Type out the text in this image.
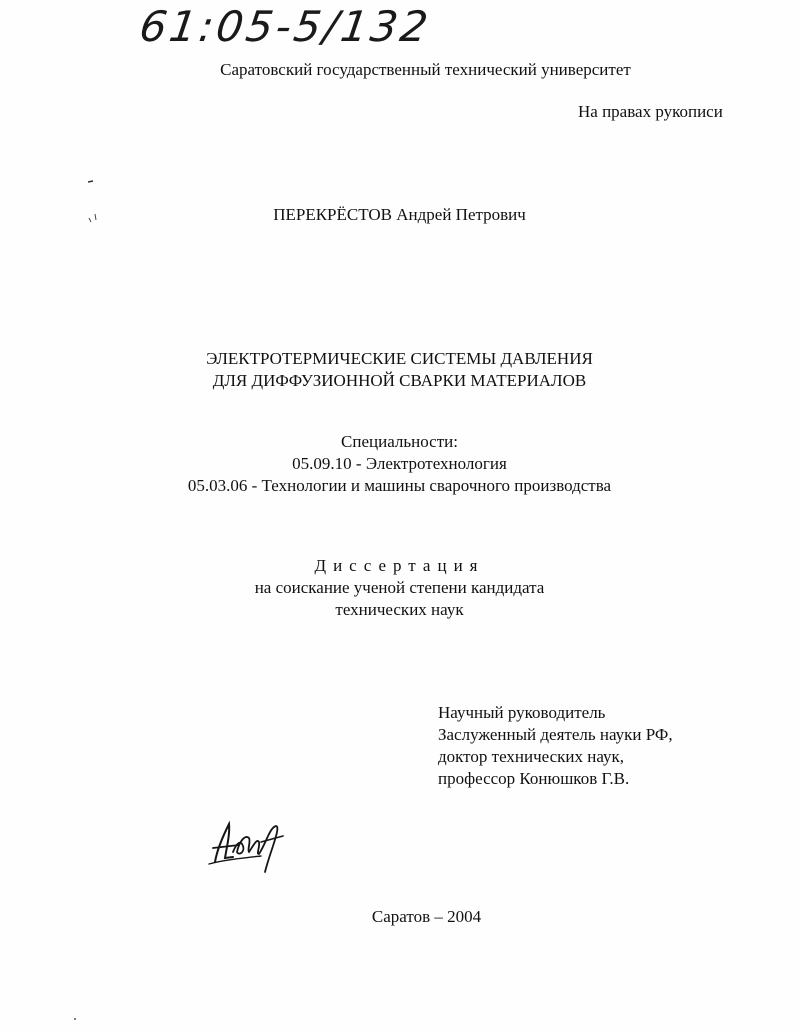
61:05-5/132
Саратовский государственный технический университет
На правах рукописи
ПЕРЕКРЁСТОВ Андрей Петрович
ЭЛЕКТРОТЕРМИЧЕСКИЕ СИСТЕМЫ ДАВЛЕНИЯ
ДЛЯ ДИФФУЗИОННОЙ СВАРКИ МАТЕРИАЛОВ
Специальности:
05.09.10 - Электротехнология
05.03.06 - Технологии и машины сварочного производства
Диссертация
на соискание ученой степени кандидата
технических наук
Научный руководитель
Заслуженный деятель науки РФ,
доктор технических наук,
профессор Конюшков Г.В.
Саратов – 2004
